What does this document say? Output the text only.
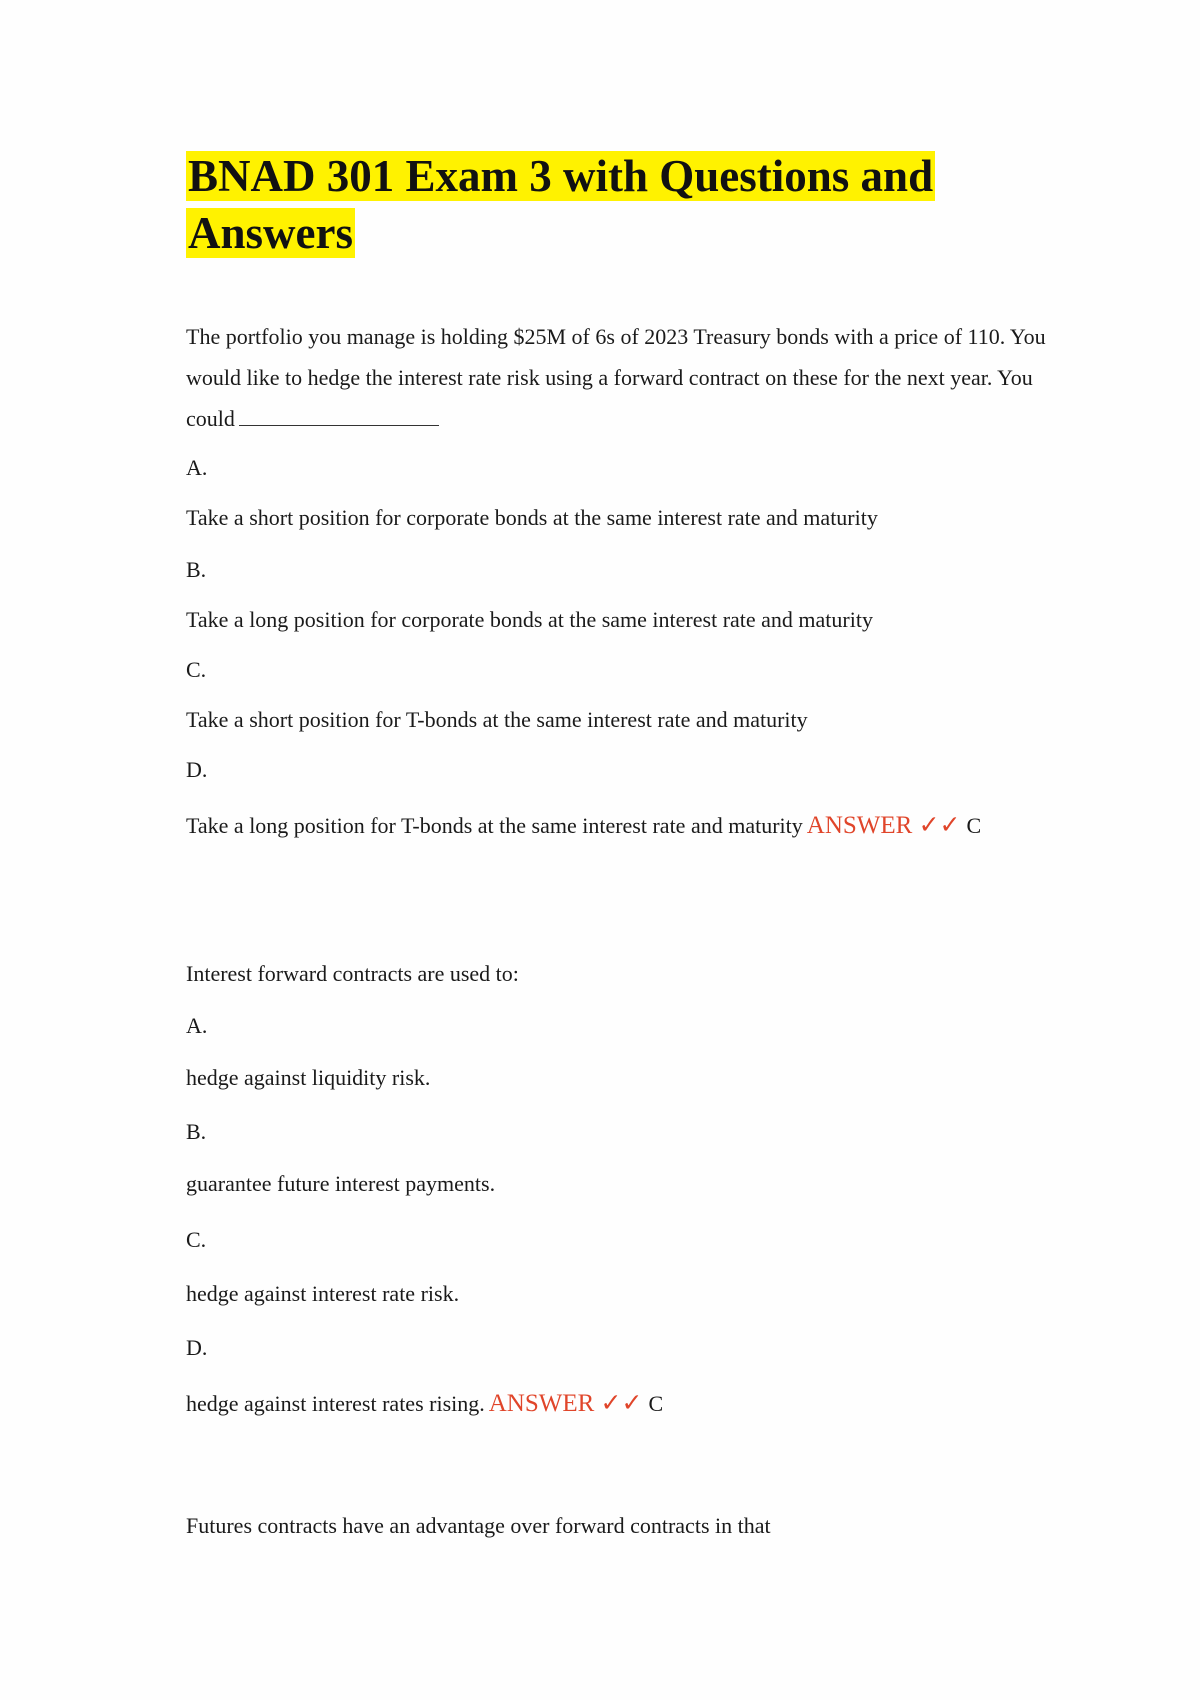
BNAD 301 Exam 3 with Questions and Answers

The portfolio you manage is holding $25M of 6s of 2023 Treasury bonds with a price of 110. You would like to hedge the interest rate risk using a forward contract on these for the next year. You could

A.

Take a short position for corporate bonds at the same interest rate and maturity

B.

Take a long position for corporate bonds at the same interest rate and maturity

C.

Take a short position for T-bonds at the same interest rate and maturity

D.

Take a long position for T-bonds at the same interest rate and maturity ANSWER ✓✓ C

Interest forward contracts are used to:

A.

hedge against liquidity risk.

B.

guarantee future interest payments.

C.

hedge against interest rate risk.

D.

hedge against interest rates rising. ANSWER ✓✓ C

Futures contracts have an advantage over forward contracts in that
